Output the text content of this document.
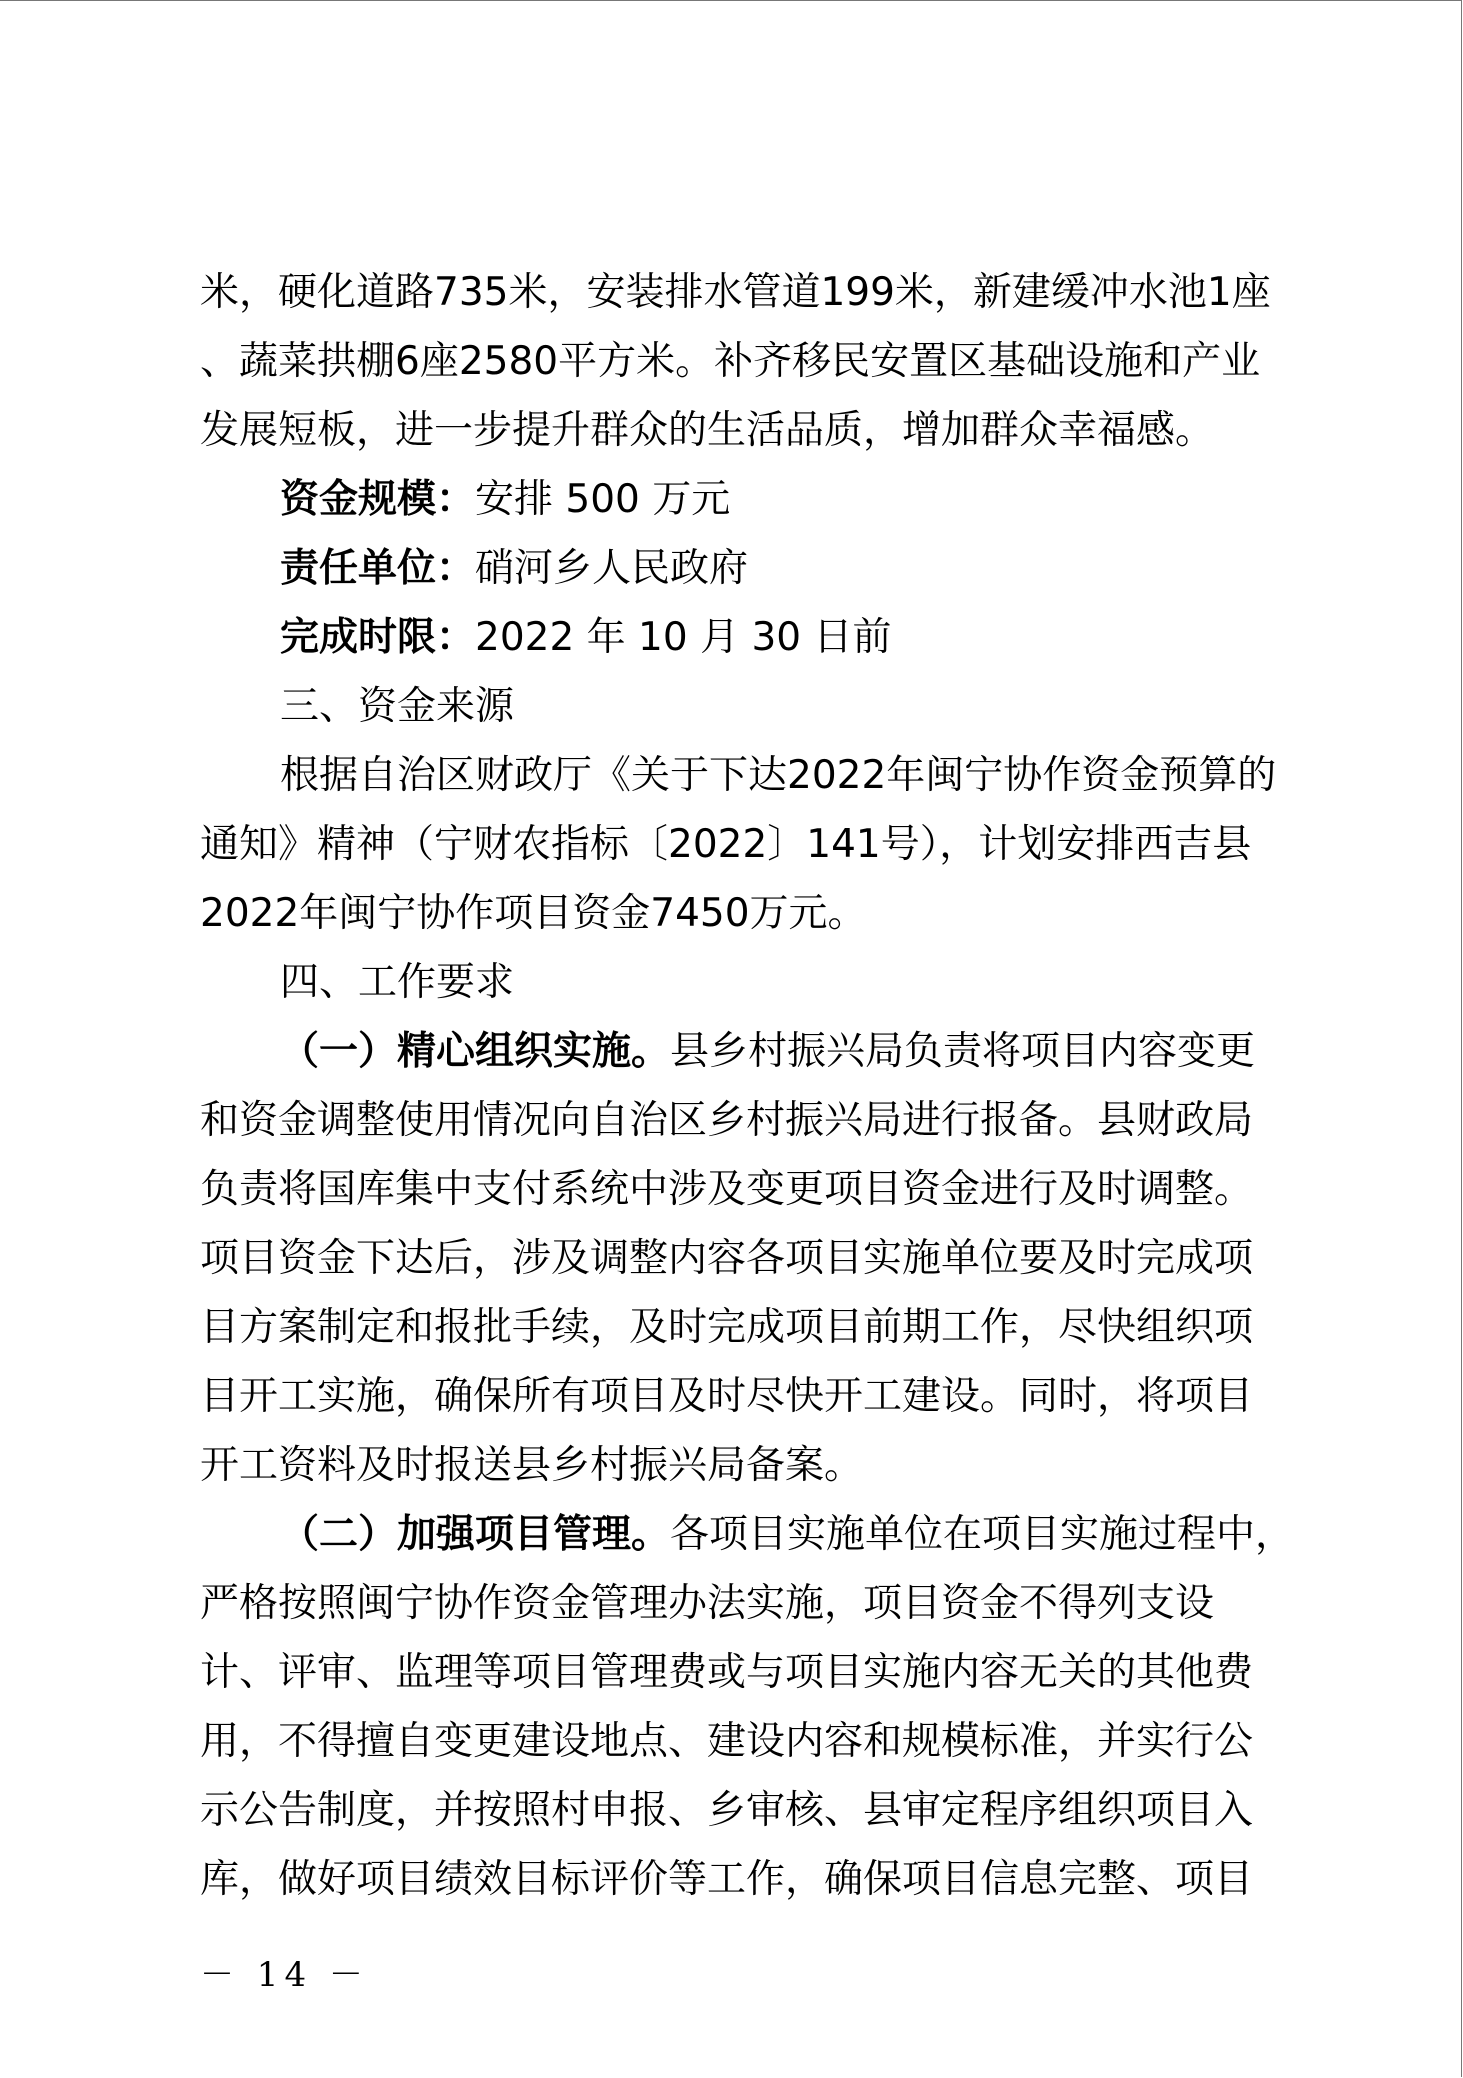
米，硬化道路735米，安装排水管道199米，新建缓冲水池1座
、蔬菜拱棚6座2580平方米。补齐移民安置区基础设施和产业
发展短板，进一步提升群众的生活品质，增加群众幸福感。
资金规模：安排 500 万元
责任单位：硝河乡人民政府
完成时限：2022 年 10 月 30 日前
三、资金来源
根据自治区财政厅《关于下达2022年闽宁协作资金预算的
通知》精神（宁财农指标〔2022〕141号），计划安排西吉县
2022年闽宁协作项目资金7450万元。
四、工作要求
（一）精心组织实施。县乡村振兴局负责将项目内容变更
和资金调整使用情况向自治区乡村振兴局进行报备。县财政局
负责将国库集中支付系统中涉及变更项目资金进行及时调整。
项目资金下达后，涉及调整内容各项目实施单位要及时完成项
目方案制定和报批手续，及时完成项目前期工作，尽快组织项
目开工实施，确保所有项目及时尽快开工建设。同时，将项目
开工资料及时报送县乡村振兴局备案。
（二）加强项目管理。各项目实施单位在项目实施过程中，
严格按照闽宁协作资金管理办法实施，项目资金不得列支设
计、评审、监理等项目管理费或与项目实施内容无关的其他费
用，不得擅自变更建设地点、建设内容和规模标准，并实行公
示公告制度，并按照村申报、乡审核、县审定程序组织项目入
库，做好项目绩效目标评价等工作，确保项目信息完整、项目
－ 14 －
